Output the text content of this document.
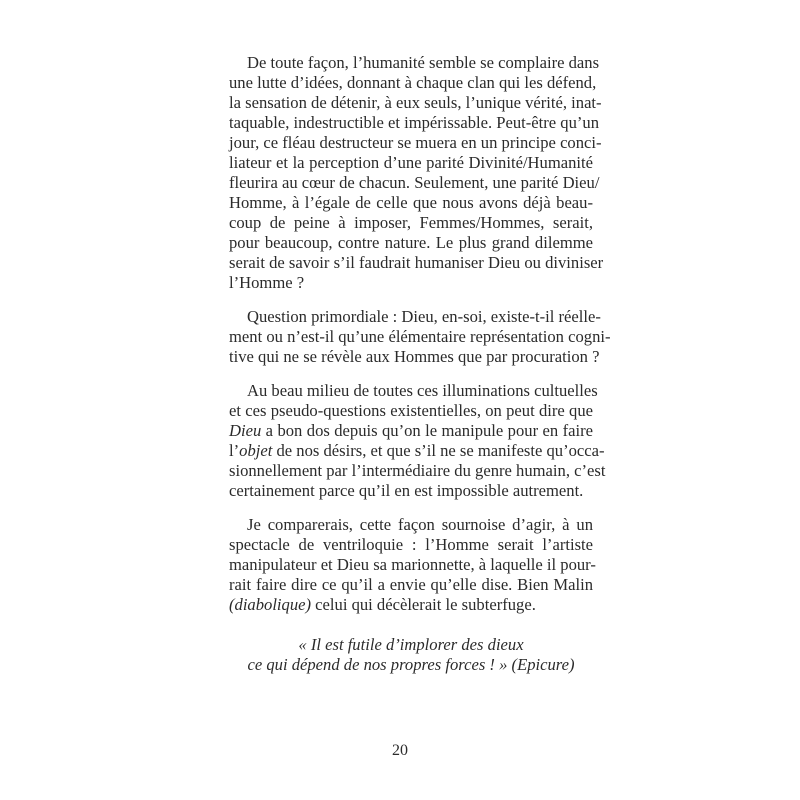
De toute façon, l’humanité semble se complaire dans
une lutte d’idées, donnant à chaque clan qui les défend,
la sensation de détenir, à eux seuls, l’unique vérité, inat-
taquable, indestructible et impérissable. Peut-être qu’un
jour, ce fléau destructeur se muera en un principe conci-
liateur et la perception d’une parité Divinité/Humanité
fleurira au cœur de chacun. Seulement, une parité Dieu/
Homme, à l’égale de celle que nous avons déjà beau-
coup de peine à imposer, Femmes/Hommes, serait,
pour beaucoup, contre nature. Le plus grand dilemme
serait de savoir s’il faudrait humaniser Dieu ou diviniser
l’Homme ?
Question primordiale : Dieu, en-soi, existe-t-il réelle-
ment ou n’est-il qu’une élémentaire représentation cogni-
tive qui ne se révèle aux Hommes que par procuration ?
Au beau milieu de toutes ces illuminations cultuelles
et ces pseudo-questions existentielles, on peut dire que
Dieu a bon dos depuis qu’on le manipule pour en faire
l’objet de nos désirs, et que s’il ne se manifeste qu’occa-
sionnellement par l’intermédiaire du genre humain, c’est
certainement parce qu’il en est impossible autrement.
Je comparerais, cette façon sournoise d’agir, à un
spectacle de ventriloquie : l’Homme serait l’artiste
manipulateur et Dieu sa marionnette, à laquelle il pour-
rait faire dire ce qu’il a envie qu’elle dise. Bien Malin
(diabolique) celui qui décèlerait le subterfuge.
« Il est futile d’implorer des dieux
ce qui dépend de nos propres forces ! » (Epicure)
20
